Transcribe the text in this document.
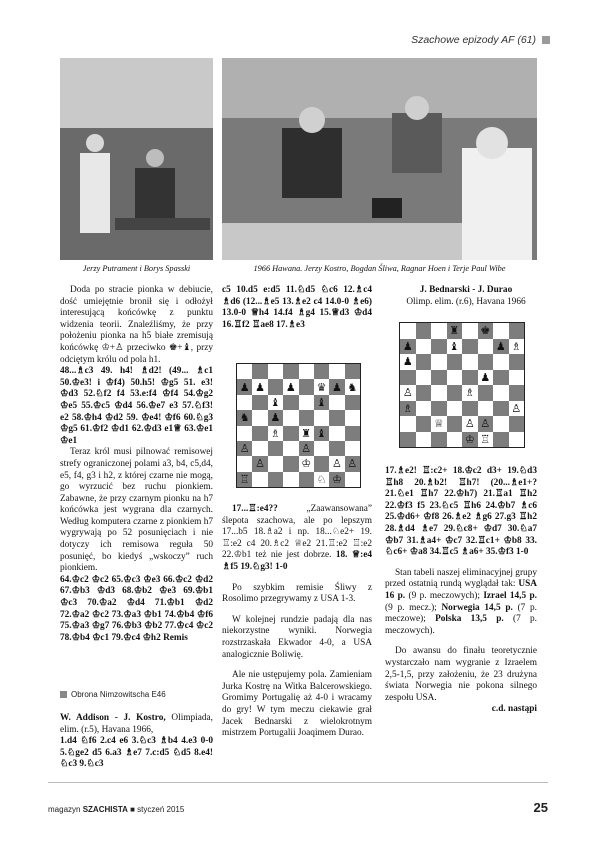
Szachowe epizody AF (61)
Jerzy Putrament i Borys Spasski	1966 Hawana. Jerzy Kostro, Bogdan Śliwa, Ragnar Hoen i Terje Paul Wibe

Doda po stracie pionka w debiucie, dość umiejętnie bronił się i odłożył interesującą końcówkę z punktu widzenia teorii. Znaleźliśmy, że przy położeniu pionka na h5 białe zremisują końcówkę ♔+♙ przeciwko ♚+♝, przy odciętym królu od pola h1.

48...♗c3 49. h4! ♗d2! (49... ♗c1 50.♔e3! i ♔f4) 50.h5! ♔g5 51. e3! ♔d3 52.♘f2 f4 53.e:f4 ♔f4 54.♔g2 ♔e5 55.♔c5 ♔d4 56.♔e7 e3 57.♘f3! e2 58.♔h4 ♔d2 59. ♔e4! ♔f6 60.♘g3 ♔g5 61.♔f2 ♔d1 62.♔d3 e1♕ 63.♔e1 ♔e1

Teraz król musi pilnować remisowej strefy ograniczonej polami a3, b4, c5,d4, e5, f4, g3 i h2, z której czarne nie mogą, go wyrzucić bez ruchu pionkiem. Zabawne, że przy czarnym pionku na h7 końcówka jest wygrana dla czarnych. Według komputera czarne z pionkiem h7 wygrywają po 52 posunięciach i nie dotyczy ich remisowa reguła 50 posunięć, bo kiedyś „wskoczy” ruch pionkiem.

64.♔c2 ♔c2 65.♔c3 ♔e3 66.♔c2 ♔d2 67.♔b3 ♔d3 68.♔b2 ♔e3 69.♔b1 ♔c3 70.♔a2 ♔d4 71.♔b1 ♔d2 72.♔a2 ♔c2 73.♔a3 ♔b1 74.♔b4 ♔f6 75.♔a3 ♔g7 76.♔b3 ♔b2 77.♔c4 ♔c2 78.♔b4 ♔c1 79.♔c4 ♔h2 Remis

Obrona Nimzowitscha E46

W. Addison - J. Kostro, Olimpiada, elim. (r.5), Havana 1966,

1.d4 ♘f6 2.c4 e6 3.♘c3 ♗b4 4.e3 0-0 5.♘ge2 d5 6.a3 ♗e7 7.c:d5 ♘d5 8.e4! ♘c3 9.♘c3

c5 10.d5 e:d5 11.♘d5 ♘c6 12.♗c4 ♗d6 (12...♗e5 13.♗e2 c4 14.0-0 ♗e6) 13.0-0 ♕h4 14.f4 ♗g4 15.♕d3 ♔d4 16.♖f2 ♖ae8 17.♗e3

♟ ♟ ♟ ♛ ♟ ♞
♝	♝
♞ ♟
♗ ♜ ♝
♙	♙
♙	♔ ♙ ♙
♖	♘ ♔

17...♖:e4??	„Zaawansowana” ślepota szachowa, ale po lepszym 17...b5 18.♗a2 i np. 18...♘e2+ 19. ♖:e2 c4 20.♗c2 ♕e2 21.♖:e2 ♖:e2 22.♔b1 też nie jest dobrze. 18. ♕:e4 ♗f5 19.♘g3! 1-0

Po szybkim remisie Śliwy z Rosolimo przegrywamy z USA 1-3.

W kolejnej rundzie padają dla nas niekorzystne wyniki. Norwegia rozstrzaskała Ekwador 4-0, a USA analogicznie Boliwię.

Ale nie ustępujemy pola. Zamieniam Jurka Kostrę na Witka Balcerowskiego. Gromimy Portugalię aż 4-0 i wracamy do gry! W tym meczu ciekawie grał Jacek Bednarski z wielokrotnym mistrzem Portugalii Joaqimem Durao.

J. Bednarski - J. Durao

Olimp. elim. (r.6), Havana 1966

♜ ♚
♟	♝	♟ ♗
♟
♟
♙	♗
♗	♙
♕ ♙ ♙
♔ ♖

17.♗e2! ♖:c2+ 18.♔c2 d3+ 19.♘d3 ♖h8 20.♗b2! ♖h7! (20...♗e1+? 21.♘e1 ♖h7 22.♔h7) 21.♖a1 ♖h2 22.♔f3 f5 23.♘c5 ♖h6 24.♔b7 ♗c6 25.♔d6+ ♔f8 26.♗e2 ♗g6 27.g3 ♖h2 28.♗d4 ♗e7 29.♘c8+ ♔d7 30.♘a7 ♔b7 31.♗a4+ ♔c7 32.♖c1+ ♔b8 33. ♘c6+ ♔a8 34.♖c5 ♗a6+ 35.♔f3 1-0

Stan tabeli naszej eliminacyjnej grupy przed ostatnią rundą wyglądał tak: USA 16 p. (9 p. meczowych); Izrael 14,5 p. (9 p. mecz.); Norwegia 14,5 p. (7 p. meczowe); Polska 13,5 p. (7 p. meczowych).

Do awansu do finału teoretycznie wystarczało nam wygranie z Izraelem 2,5-1,5, przy założeniu, że 23 drużyna świata Norwegia nie pokona silnego zespołu USA.

c.d. nastąpi

magazyn SZACHISTA ■ styczeń 2015	25
